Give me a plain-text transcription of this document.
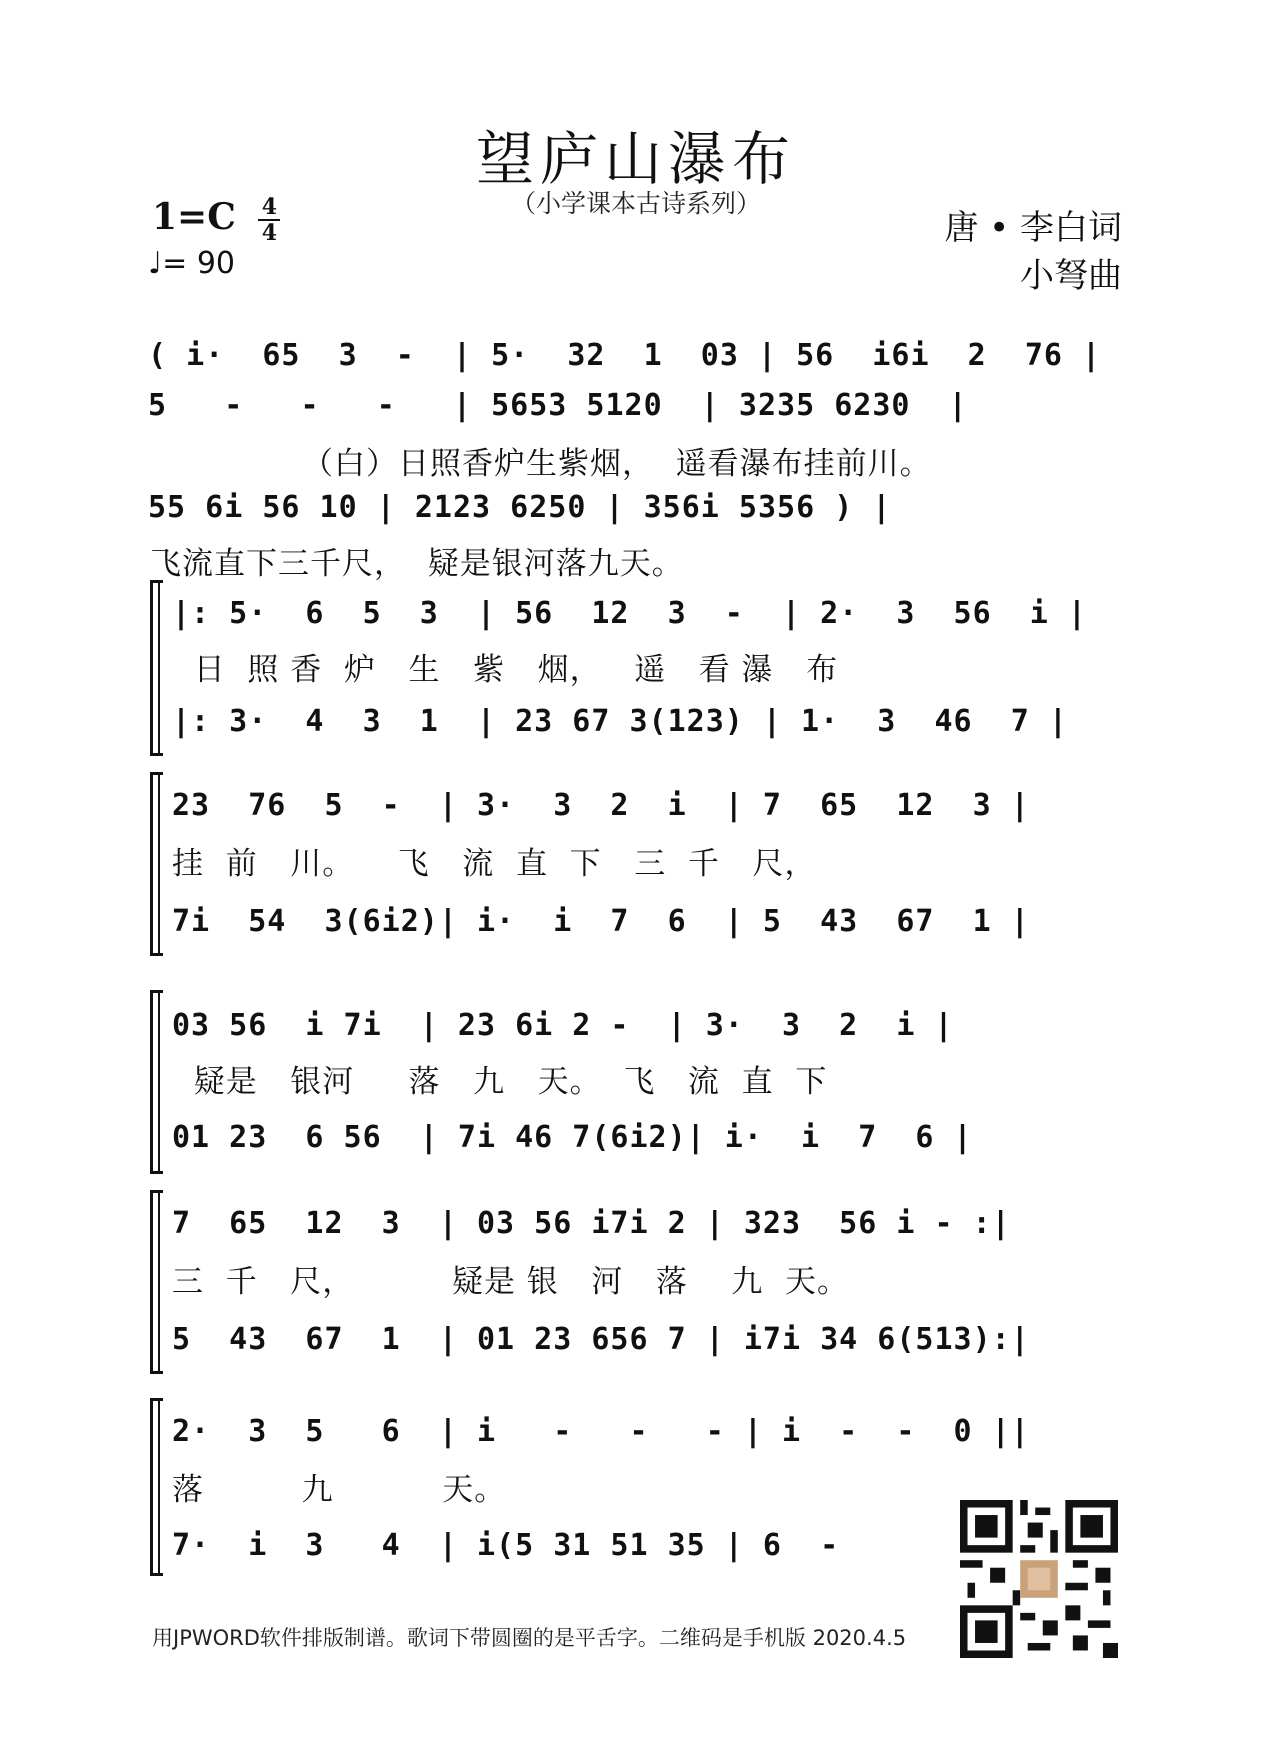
望庐山瀑布
（小学课本古诗系列）
$1=C \frac{4}{4}$
♩= 90
唐 • 李白词
小弩曲
( i·  65  3  -  | 5·  32  1  03 | 56  i6i  2  76 |
5   -   -   -   | 5653 5120  | 3235 6230  |
（白）日照香炉生紫烟，  遥看瀑布挂前川。
55 6i 56 10 | 2123 6250 | 356i 5356 ) |
飞流直下三千尺，  疑是银河落九天。
|: 5·  6  5  3  | 56  12  3  -  | 2·  3  56  i |
日  照 香  炉   生   紫   烟，   遥   看 瀑   布
|: 3·  4  3  1  | 23 67 3(123) | 1·  3  46  7 |
23  76  5  -  | 3·  3  2  i  | 7  65  12  3 |
挂  前   川。    飞   流  直  下   三  千   尺，
7i  54  3(6i2)| i·  i  7  6  | 5  43  67  1 |
03 56  i 7i  | 23 6i 2 -  | 3·  3  2  i |
疑是   银河     落   九   天。  飞   流  直  下
01 23  6 56  | 7i 46 7(6i2)| i·  i  7  6 |
7  65  12  3  | 03 56 i7i 2 | 323  56 i - :|
三  千   尺，         疑是 银   河   落    九  天。
5  43  67  1  | 01 23 656 7 | i7i 34 6(513):|
2·  3  5   6  | i   -   -   - | i  -  -  0 ||
落         九          天。
7·  i  3   4  | i(5 31 51 35 | 6  -
用JPWORD软件排版制谱。歌词下带圆圈的是平舌字。二维码是手机版 2020.4.5
